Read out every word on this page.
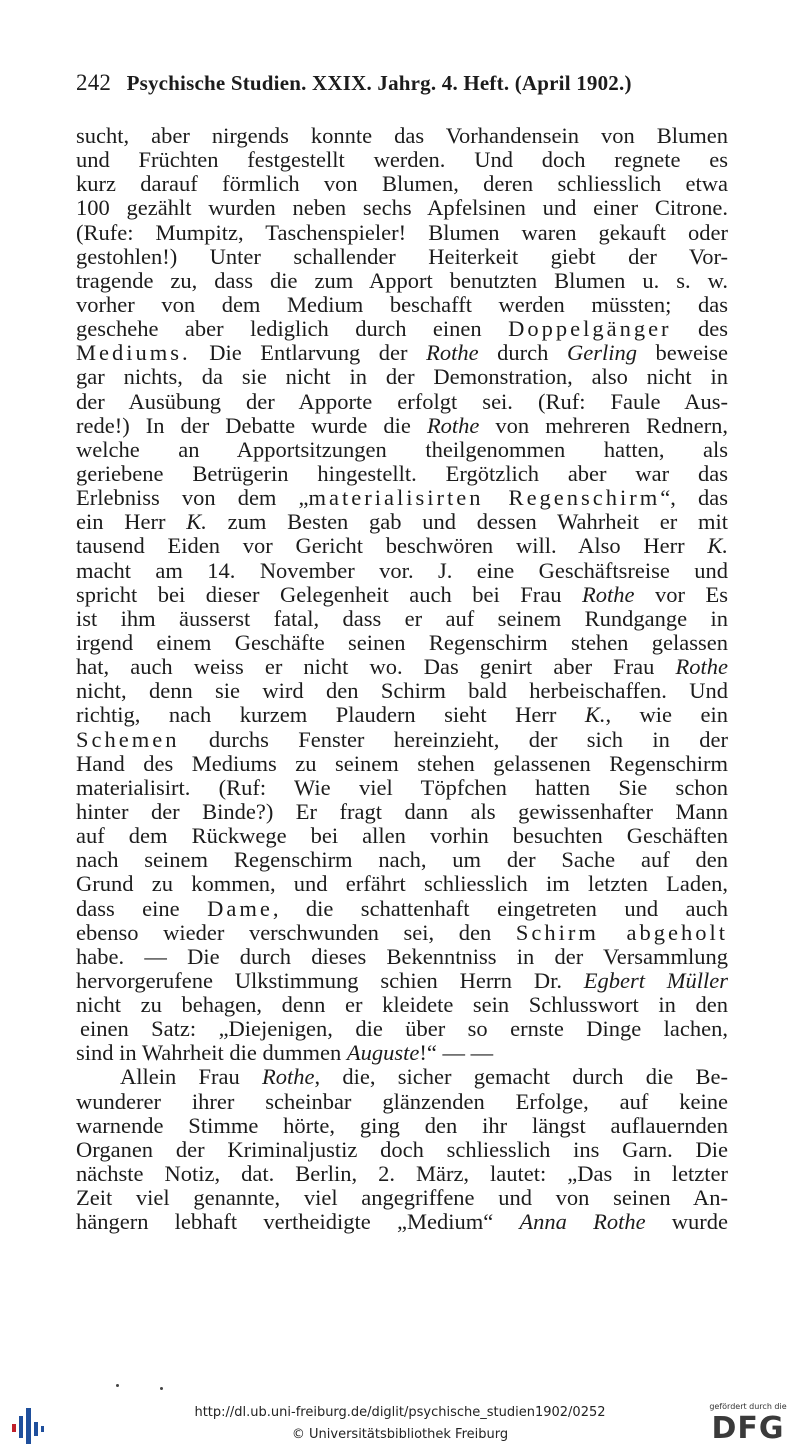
242 Psychische Studien. XXIX. Jahrg. 4. Heft. (April 1902.)
sucht, aber nirgends konnte das Vorhandensein von Blumen
und Früchten festgestellt werden. Und doch regnete es
kurz darauf förmlich von Blumen, deren schliesslich etwa
100 gezählt wurden neben sechs Apfelsinen und einer Citrone.
(Rufe: Mumpitz, Taschenspieler! Blumen waren gekauft oder
gestohlen!) Unter schallender Heiterkeit giebt der Vor-
tragende zu, dass die zum Apport benutzten Blumen u. s. w.
vorher von dem Medium beschafft werden müssten; das
geschehe aber lediglich durch einen Doppelgänger des
Mediums. Die Entlarvung der Rothe durch Gerling beweise
gar nichts, da sie nicht in der Demonstration, also nicht in
der Ausübung der Apporte erfolgt sei. (Ruf: Faule Aus-
rede!) In der Debatte wurde die Rothe von mehreren Rednern,
welche an Apportsitzungen theilgenommen hatten, als
geriebene Betrügerin hingestellt. Ergötzlich aber war das
Erlebniss von dem „materialisirten Regenschirm“, das
ein Herr K. zum Besten gab und dessen Wahrheit er mit
tausend Eiden vor Gericht beschwören will. Also Herr K.
macht am 14. November vor. J. eine Geschäftsreise und
spricht bei dieser Gelegenheit auch bei Frau Rothe vor Es
ist ihm äusserst fatal, dass er auf seinem Rundgange in
irgend einem Geschäfte seinen Regenschirm stehen gelassen
hat, auch weiss er nicht wo. Das genirt aber Frau Rothe
nicht, denn sie wird den Schirm bald herbeischaffen. Und
richtig, nach kurzem Plaudern sieht Herr K., wie ein
Schemen durchs Fenster hereinzieht, der sich in der
Hand des Mediums zu seinem stehen gelassenen Regenschirm
materialisirt. (Ruf: Wie viel Töpfchen hatten Sie schon
hinter der Binde?) Er fragt dann als gewissenhafter Mann
auf dem Rückwege bei allen vorhin besuchten Geschäften
nach seinem Regenschirm nach, um der Sache auf den
Grund zu kommen, und erfährt schliesslich im letzten Laden,
dass eine Dame, die schattenhaft eingetreten und auch
ebenso wieder verschwunden sei, den Schirm abgeholt
habe. — Die durch dieses Bekenntniss in der Versammlung
hervorgerufene Ulkstimmung schien Herrn Dr. Egbert Müller
nicht zu behagen, denn er kleidete sein Schlusswort in den
einen Satz: „Diejenigen, die über so ernste Dinge lachen,
sind in Wahrheit die dummen Auguste!“ — —
Allein Frau Rothe, die, sicher gemacht durch die Be-
wunderer ihrer scheinbar glänzenden Erfolge, auf keine
warnende Stimme hörte, ging den ihr längst auflauernden
Organen der Kriminaljustiz doch schliesslich ins Garn. Die
nächste Notiz, dat. Berlin, 2. März, lautet: „Das in letzter
Zeit viel genannte, viel angegriffene und von seinen An-
hängern lebhaft vertheidigte „Medium“ Anna Rothe wurde
http://dl.ub.uni-freiburg.de/diglit/psychische_studien1902/0252
© Universitätsbibliothek Freiburg
gefördert durch die
DFG
